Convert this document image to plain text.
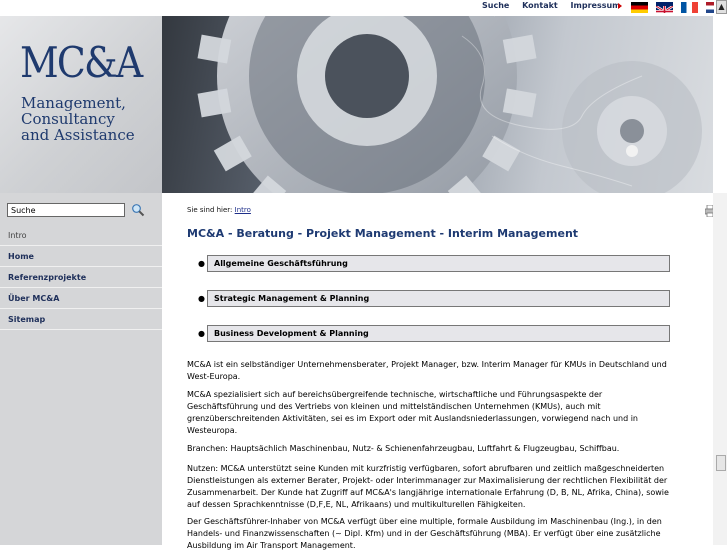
Suche Kontakt Impressum	▲
MC&A
Management,
Consultancy
and Assistance
Suche
Intro
Home
Referenzprojekte
Über MC&A
Sitemap
Sie sind hier: Intro
MC&A - Beratung - Projekt Management - Interim Management
●	Allgemeine Geschäftsführung
●	Strategic Management & Planning
●	Business Development & Planning
MC&A ist ein selbständiger Unternehmensberater, Projekt Manager, bzw. Interim Manager für KMUs in Deutschland und West-Europa.
MC&A spezialisiert sich auf bereichsübergreifende technische, wirtschaftliche und Führungsaspekte der Geschäftsführung und des Vertriebs von kleinen und mittelständischen Unternehmen (KMUs), auch mit grenzüberschreitenden Aktivitäten, sei es im Export oder mit Auslandsniederlassungen, vorwiegend nach und in Westeuropa.
Branchen: Hauptsächlich Maschinenbau, Nutz- & Schienenfahrzeugbau, Luftfahrt & Flugzeugbau, Schiffbau.
Nutzen: MC&A unterstützt seine Kunden mit kurzfristig verfügbaren, sofort abrufbaren und zeitlich maßgeschneiderten Dienstleistungen als externer Berater, Projekt- oder Interimmanager zur Maximalisierung der rechtlichen Flexibilität der Zusammenarbeit. Der Kunde hat Zugriff auf MC&A's langjährige internationale Erfahrung (D, B, NL, Afrika, China), sowie auf dessen Sprachkenntnisse (D,F,E, NL, Afrikaans) und multikulturellen Fähigkeiten.
Der Geschäftsführer-Inhaber von MC&A verfügt über eine multiple, formale Ausbildung im Maschinenbau (Ing.), in den Handels- und Finanzwissenschaften (~ Dipl. Kfm) und in der Geschäftsführung (MBA). Er verfügt über eine zusätzliche Ausbildung im Air Transport Management.
